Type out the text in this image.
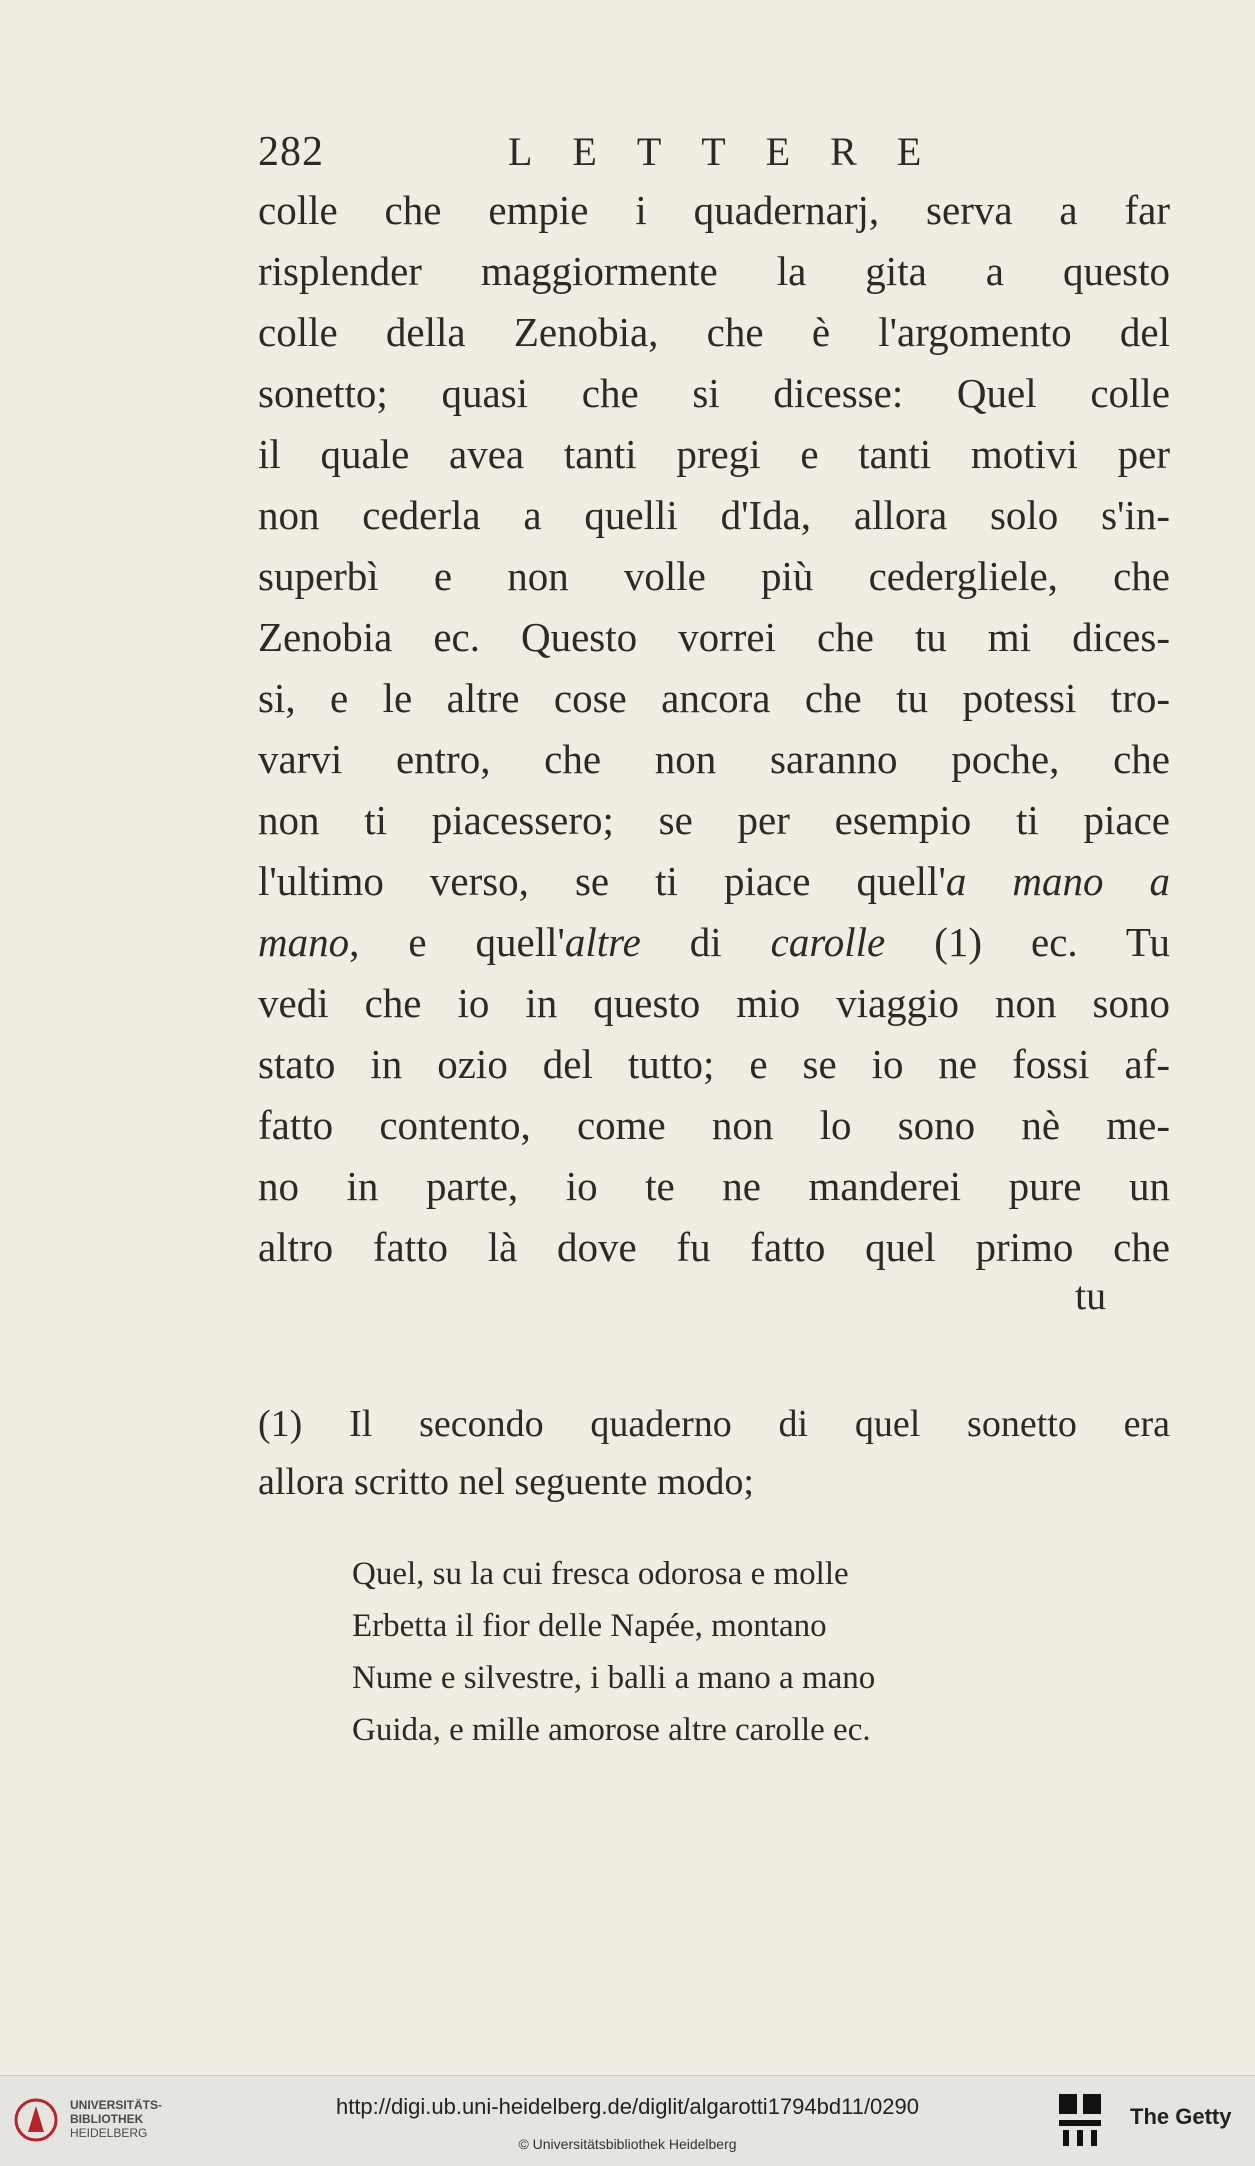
282	LETTERE
colle che empie i quadernarj, serva a far
risplender maggiormente la gita a questo
colle della Zenobia, che è l'argomento del
sonetto; quasi che si dicesse: Quel colle
il quale avea tanti pregi e tanti motivi per
non cederla a quelli d'Ida, allora solo s'in-
superbì e non volle più cedergliele, che
Zenobia ec. Questo vorrei che tu mi dices-
si, e le altre cose ancora che tu potessi tro-
varvi entro, che non saranno poche, che
non ti piacessero; se per esempio ti piace
l'ultimo verso, se ti piace quell'a mano a
mano, e quell'altre di carolle (1) ec. Tu
vedi che io in questo mio viaggio non sono
stato in ozio del tutto; e se io ne fossi af-
fatto contento, come non lo sono nè me-
no in parte, io te ne manderei pure un
altro fatto là dove fu fatto quel primo che
tu
(1) Il secondo quaderno di quel sonetto era
allora scritto nel seguente modo;
Quel, su la cui fresca odorosa e molle
Erbetta il fior delle Napée, montano
Nume e silvestre, i balli a mano a mano
Guida, e mille amorose altre carolle ec.
UNIVERSITÄTS-
BIBLIOTHEK
HEIDELBERG
http://digi.ub.uni-heidelberg.de/diglit/algarotti1794bd11/0290
© Universitätsbibliothek Heidelberg
The Getty
